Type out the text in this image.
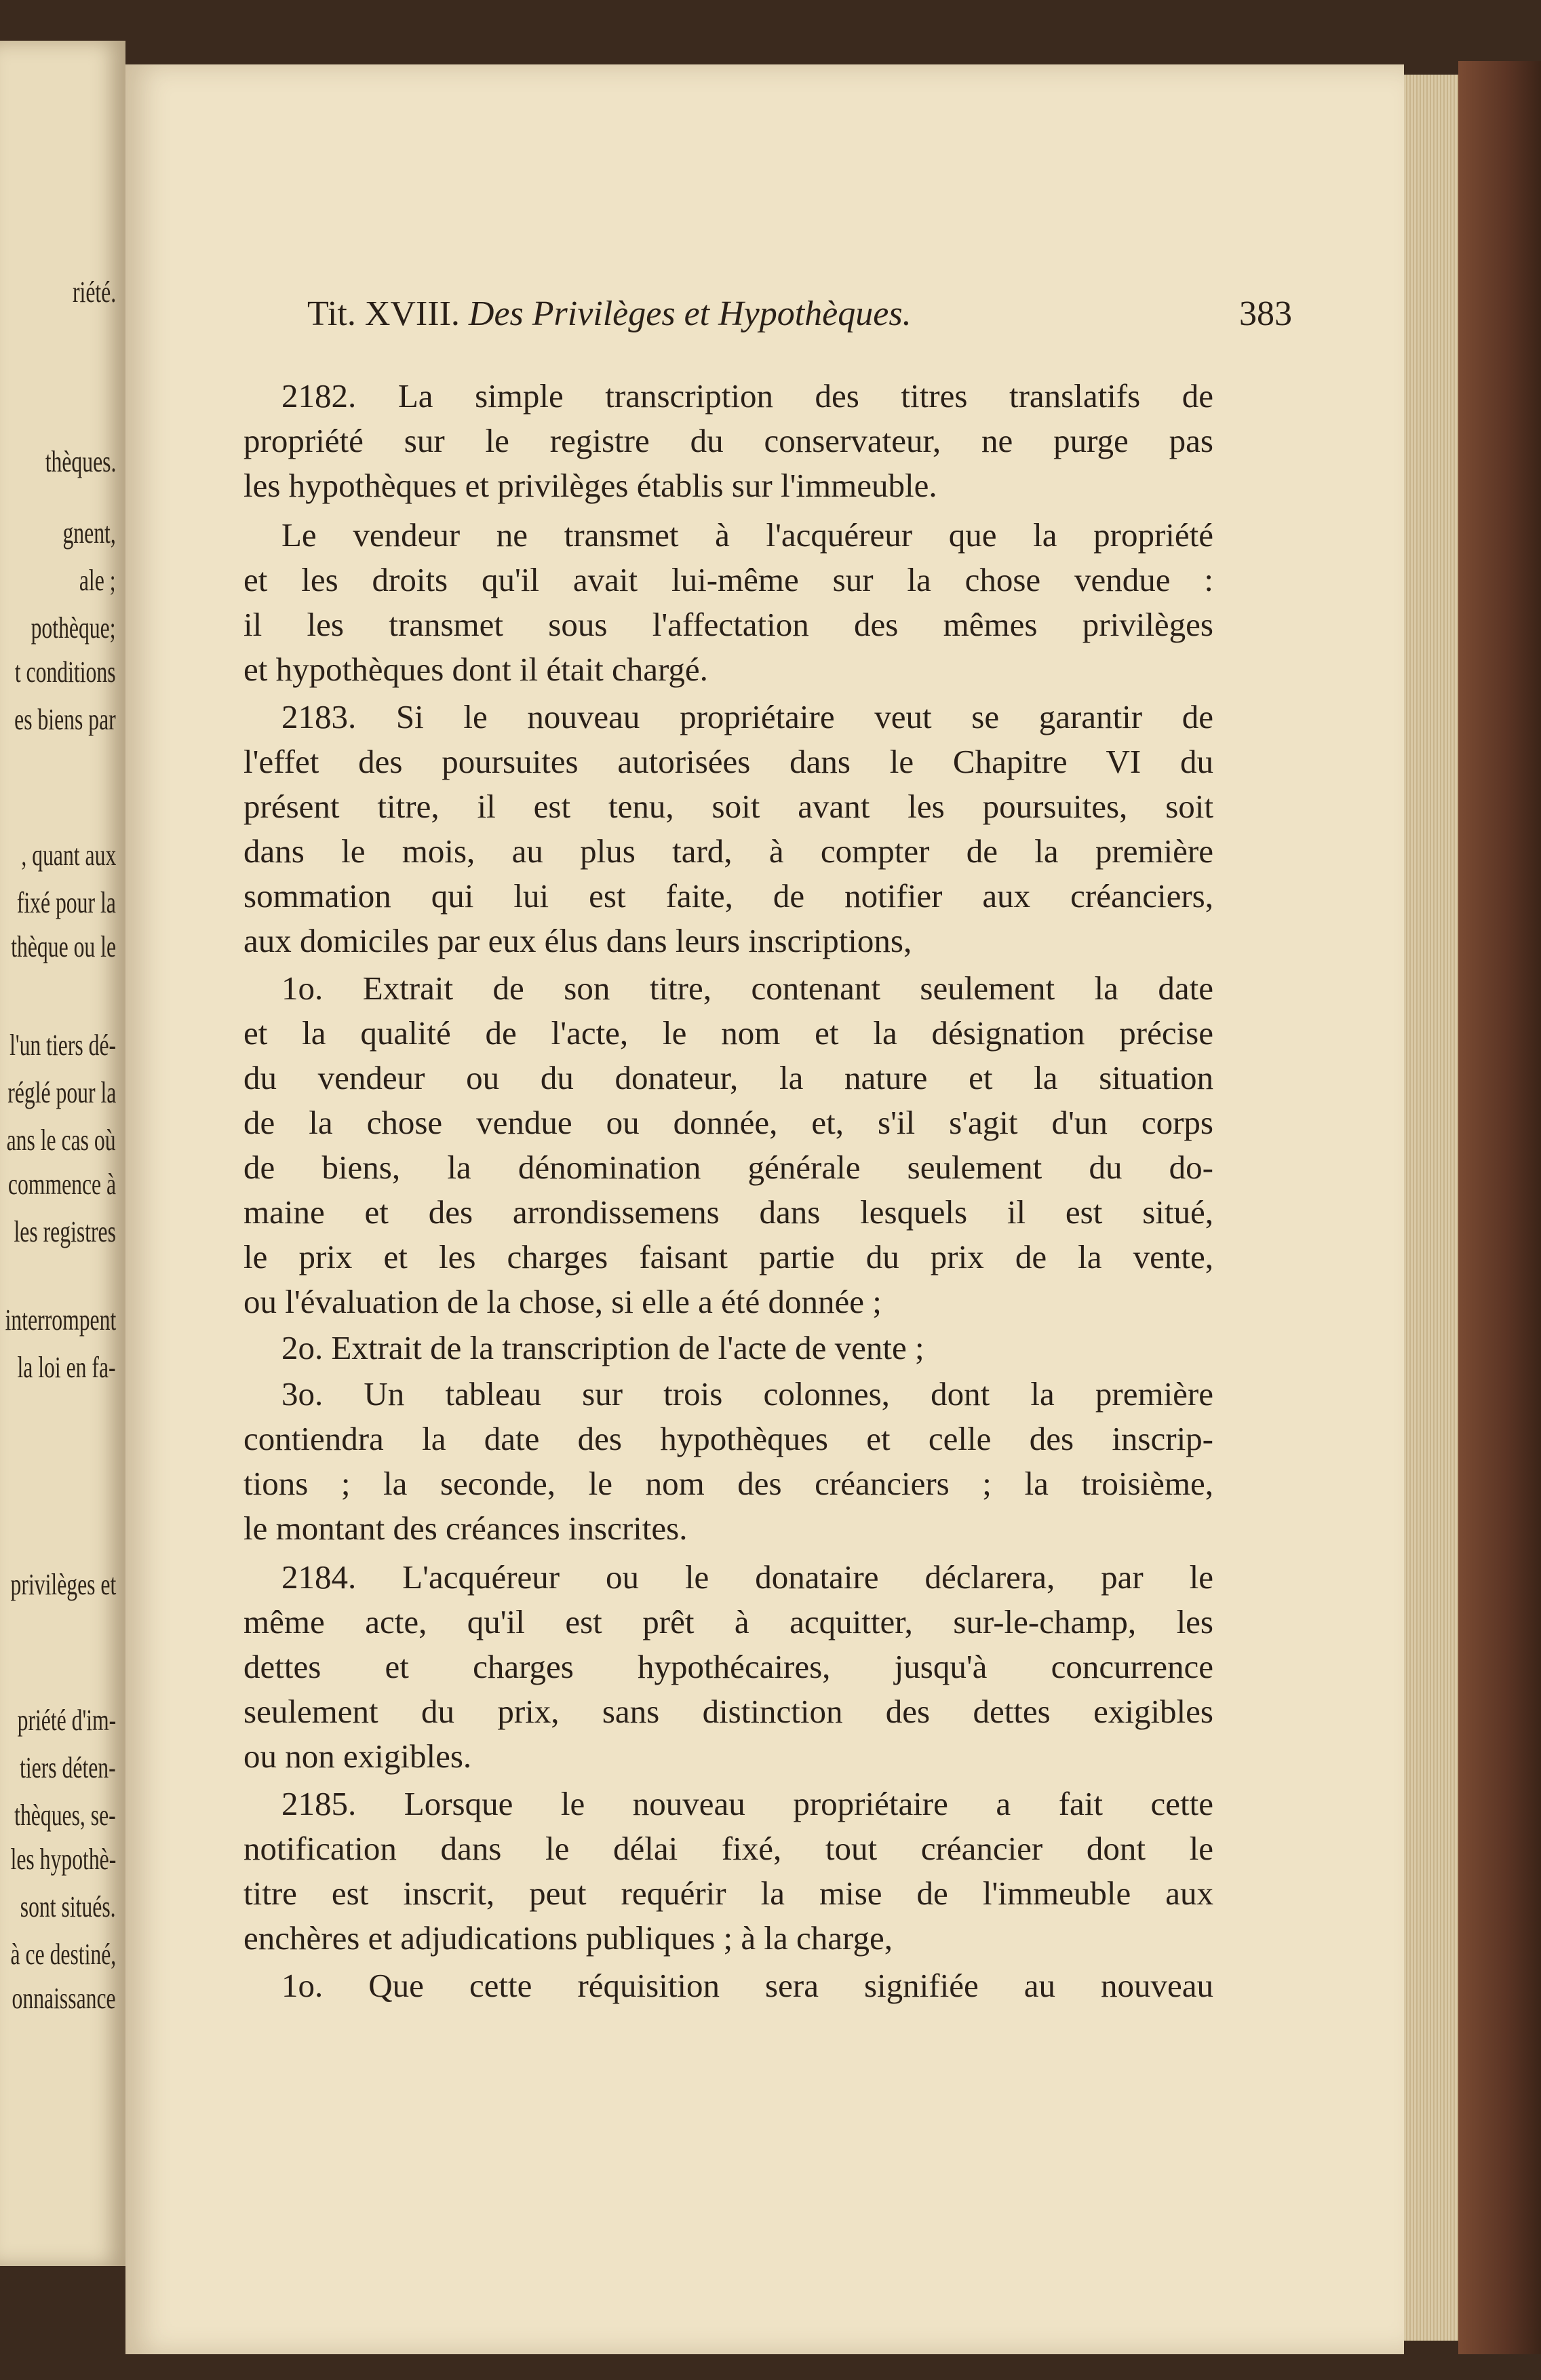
riété.
thèques.
gnent,
ale ;
pothèque;
t conditions
es biens par
, quant aux
fixé pour la
thèque ou le
l'un tiers dé-
réglé pour la
ans le cas où
commence à
les registres
interrompent
la loi en fa-
privilèges et
priété d'im-
tiers déten-
thèques, se-
les hypothè-
sont situés.
à ce destiné,
onnaissance
Tit. XVIII. Des Privilèges et Hypothèques.	383
2182. La simple transcription des titres translatifs de
propriété sur le registre du conservateur, ne purge pas
les hypothèques et privilèges établis sur l'immeuble.
Le vendeur ne transmet à l'acquéreur que la propriété
et les droits qu'il avait lui-même sur la chose vendue :
il les transmet sous l'affectation des mêmes privilèges
et hypothèques dont il était chargé.
2183. Si le nouveau propriétaire veut se garantir de
l'effet des poursuites autorisées dans le Chapitre VI du
présent titre, il est tenu, soit avant les poursuites, soit
dans le mois, au plus tard, à compter de la première
sommation qui lui est faite, de notifier aux créanciers,
aux domiciles par eux élus dans leurs inscriptions,
1o. Extrait de son titre, contenant seulement la date
et la qualité de l'acte, le nom et la désignation précise
du vendeur ou du donateur, la nature et la situation
de la chose vendue ou donnée, et, s'il s'agit d'un corps
de biens, la dénomination générale seulement du do-
maine et des arrondissemens dans lesquels il est situé,
le prix et les charges faisant partie du prix de la vente,
ou l'évaluation de la chose, si elle a été donnée ;
2o. Extrait de la transcription de l'acte de vente ;
3o. Un tableau sur trois colonnes, dont la première
contiendra la date des hypothèques et celle des inscrip-
tions ; la seconde, le nom des créanciers ; la troisième,
le montant des créances inscrites.
2184. L'acquéreur ou le donataire déclarera, par le
même acte, qu'il est prêt à acquitter, sur-le-champ, les
dettes et charges hypothécaires, jusqu'à concurrence
seulement du prix, sans distinction des dettes exigibles
ou non exigibles.
2185. Lorsque le nouveau propriétaire a fait cette
notification dans le délai fixé, tout créancier dont le
titre est inscrit, peut requérir la mise de l'immeuble aux
enchères et adjudications publiques ; à la charge,
1o. Que cette réquisition sera signifiée au nouveau
